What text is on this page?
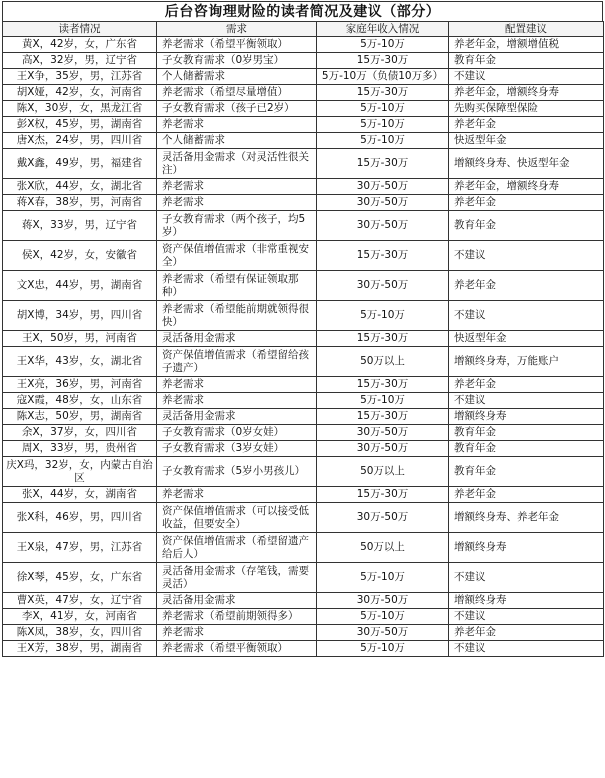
后台咨询理财险的读者简况及建议（部分）
读者情况	需求	家庭年收入情况	配置建议
黄X，42岁，女，广东省	养老需求（希望平衡领取）	5万-10万	养老年金，增额增值税
高X，32岁，男，辽宁省	子女教育需求（0岁男宝）	15万-30万	教育年金
王X争，35岁，男，江苏省	个人储蓄需求	5万-10万（负债10万多）	不建议
胡X娅，42岁，女，河南省	养老需求（希望尽量增值）	15万-30万	养老年金，增额终身寿
陈X，30岁，女，黑龙江省	子女教育需求（孩子已2岁）	5万-10万	先购买保障型保险
彭X权，45岁，男，湖南省	养老需求	5万-10万	养老年金
唐X杰，24岁，男，四川省	个人储蓄需求	5万-10万	快返型年金
戴X鑫，49岁，男，福建省	灵活备用金需求（对灵活性很关注）	15万-30万	增额终身寿、快返型年金
张X欣，44岁，女，湖北省	养老需求	30万-50万	养老年金，增额终身寿
蒋X春，38岁，男，河南省	养老需求	30万-50万	养老年金
蒋X，33岁，男，辽宁省	子女教育需求（两个孩子，均5岁）	30万-50万	教育年金
侯X，42岁，女，安徽省	资产保值增值需求（非常重视安全）	15万-30万	不建议
文X忠，44岁，男，湖南省	养老需求（希望有保证领取那种）	30万-50万	养老年金
胡X博，34岁，男，四川省	养老需求（希望能前期就领得很快）	5万-10万	不建议
王X，50岁，男，河南省	灵活备用金需求	15万-30万	快返型年金
王X华，43岁，女，湖北省	资产保值增值需求（希望留给孩子遗产）	50万以上	增额终身寿，万能账户
王X亮，36岁，男，河南省	养老需求	15万-30万	养老年金
寇X霞，48岁，女，山东省	养老需求	5万-10万	不建议
陈X志，50岁，男，湖南省	灵活备用金需求	15万-30万	增额终身寿
余X，37岁，女，四川省	子女教育需求（0岁女娃）	30万-50万	教育年金
周X，33岁，男，贵州省	子女教育需求（3岁女娃）	30万-50万	教育年金
庆X玛，32岁，女，内蒙古自治区	子女教育需求（5岁小男孩儿）	50万以上	教育年金
张X，44岁，女，湖南省	养老需求	15万-30万	养老年金
张X科，46岁，男，四川省	资产保值增值需求（可以接受低收益，但要安全）	30万-50万	增额终身寿、养老年金
王X泉，47岁，男，江苏省	资产保值增值需求（希望留遗产给后人）	50万以上	增额终身寿
徐X琴，45岁，女，广东省	灵活备用金需求（存笔钱，需要灵活）	5万-10万	不建议
曹X英，47岁，女，辽宁省	灵活备用金需求	30万-50万	增额终身寿
李X，41岁，女，河南省	养老需求（希望前期领得多）	5万-10万	不建议
陈X凤，38岁，女，四川省	养老需求	30万-50万	养老年金
王X芳，38岁，男，湖南省	养老需求（希望平衡领取）	5万-10万	不建议
